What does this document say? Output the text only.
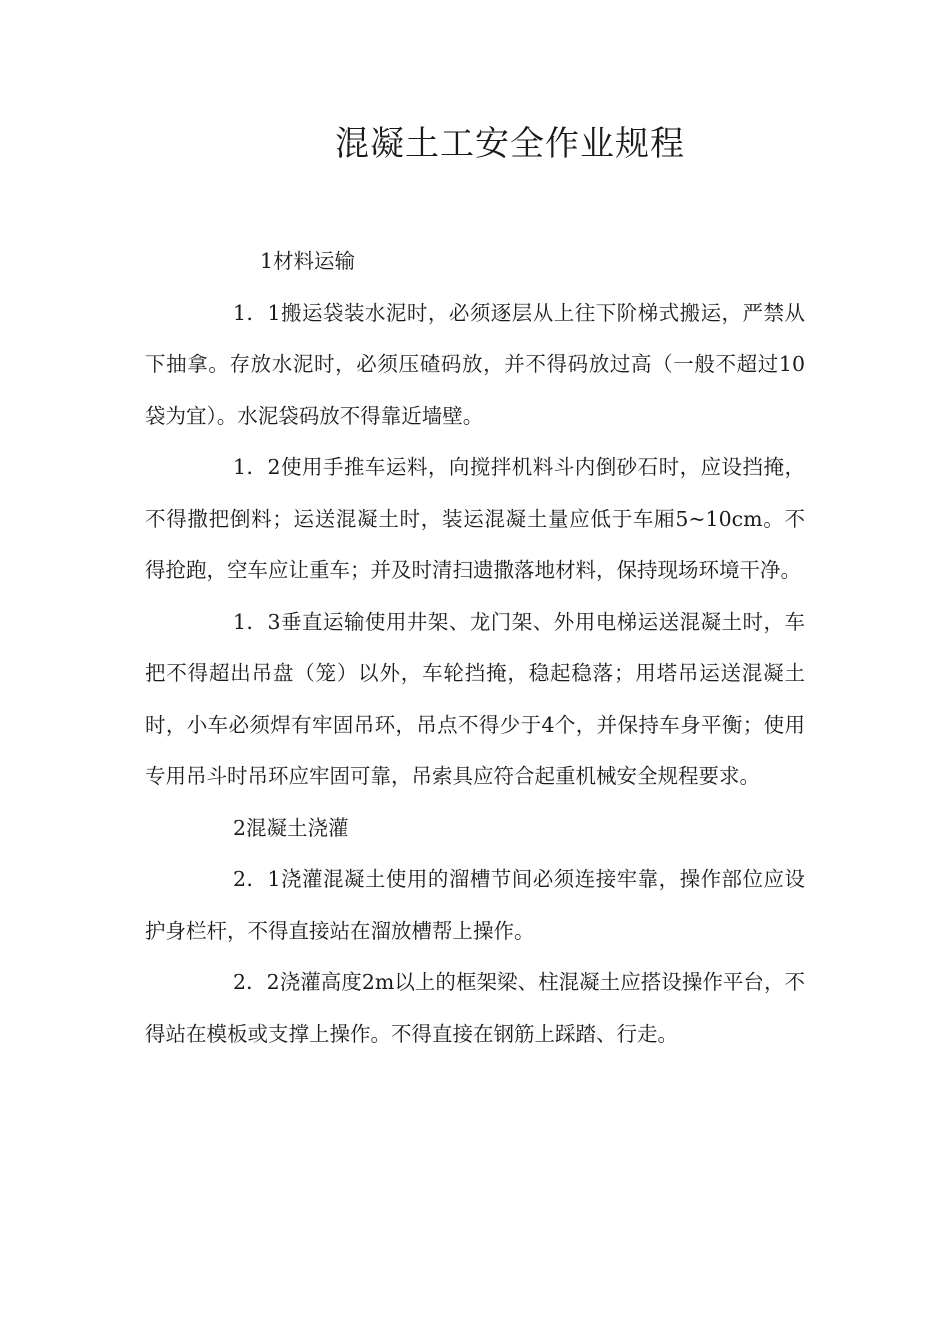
混凝土工安全作业规程

1材料运输

1．1搬运袋装水泥时，必须逐层从上往下阶梯式搬运，严禁从下抽拿。存放水泥时，必须压碴码放，并不得码放过高（一般不超过10袋为宜）。水泥袋码放不得靠近墙壁。

1．2使用手推车运料，向搅拌机料斗内倒砂石时，应设挡掩，不得撒把倒料；运送混凝土时，装运混凝土量应低于车厢5~10cm。不得抢跑，空车应让重车；并及时清扫遗撒落地材料，保持现场环境干净。

1．3垂直运输使用井架、龙门架、外用电梯运送混凝土时，车把不得超出吊盘（笼）以外，车轮挡掩，稳起稳落；用塔吊运送混凝土时，小车必须焊有牢固吊环，吊点不得少于4个，并保持车身平衡；使用专用吊斗时吊环应牢固可靠，吊索具应符合起重机械安全规程要求。

2混凝土浇灌

2．1浇灌混凝土使用的溜槽节间必须连接牢靠，操作部位应设护身栏杆，不得直接站在溜放槽帮上操作。

2．2浇灌高度2m以上的框架梁、柱混凝土应搭设操作平台，不得站在模板或支撑上操作。不得直接在钢筋上踩踏、行走。
